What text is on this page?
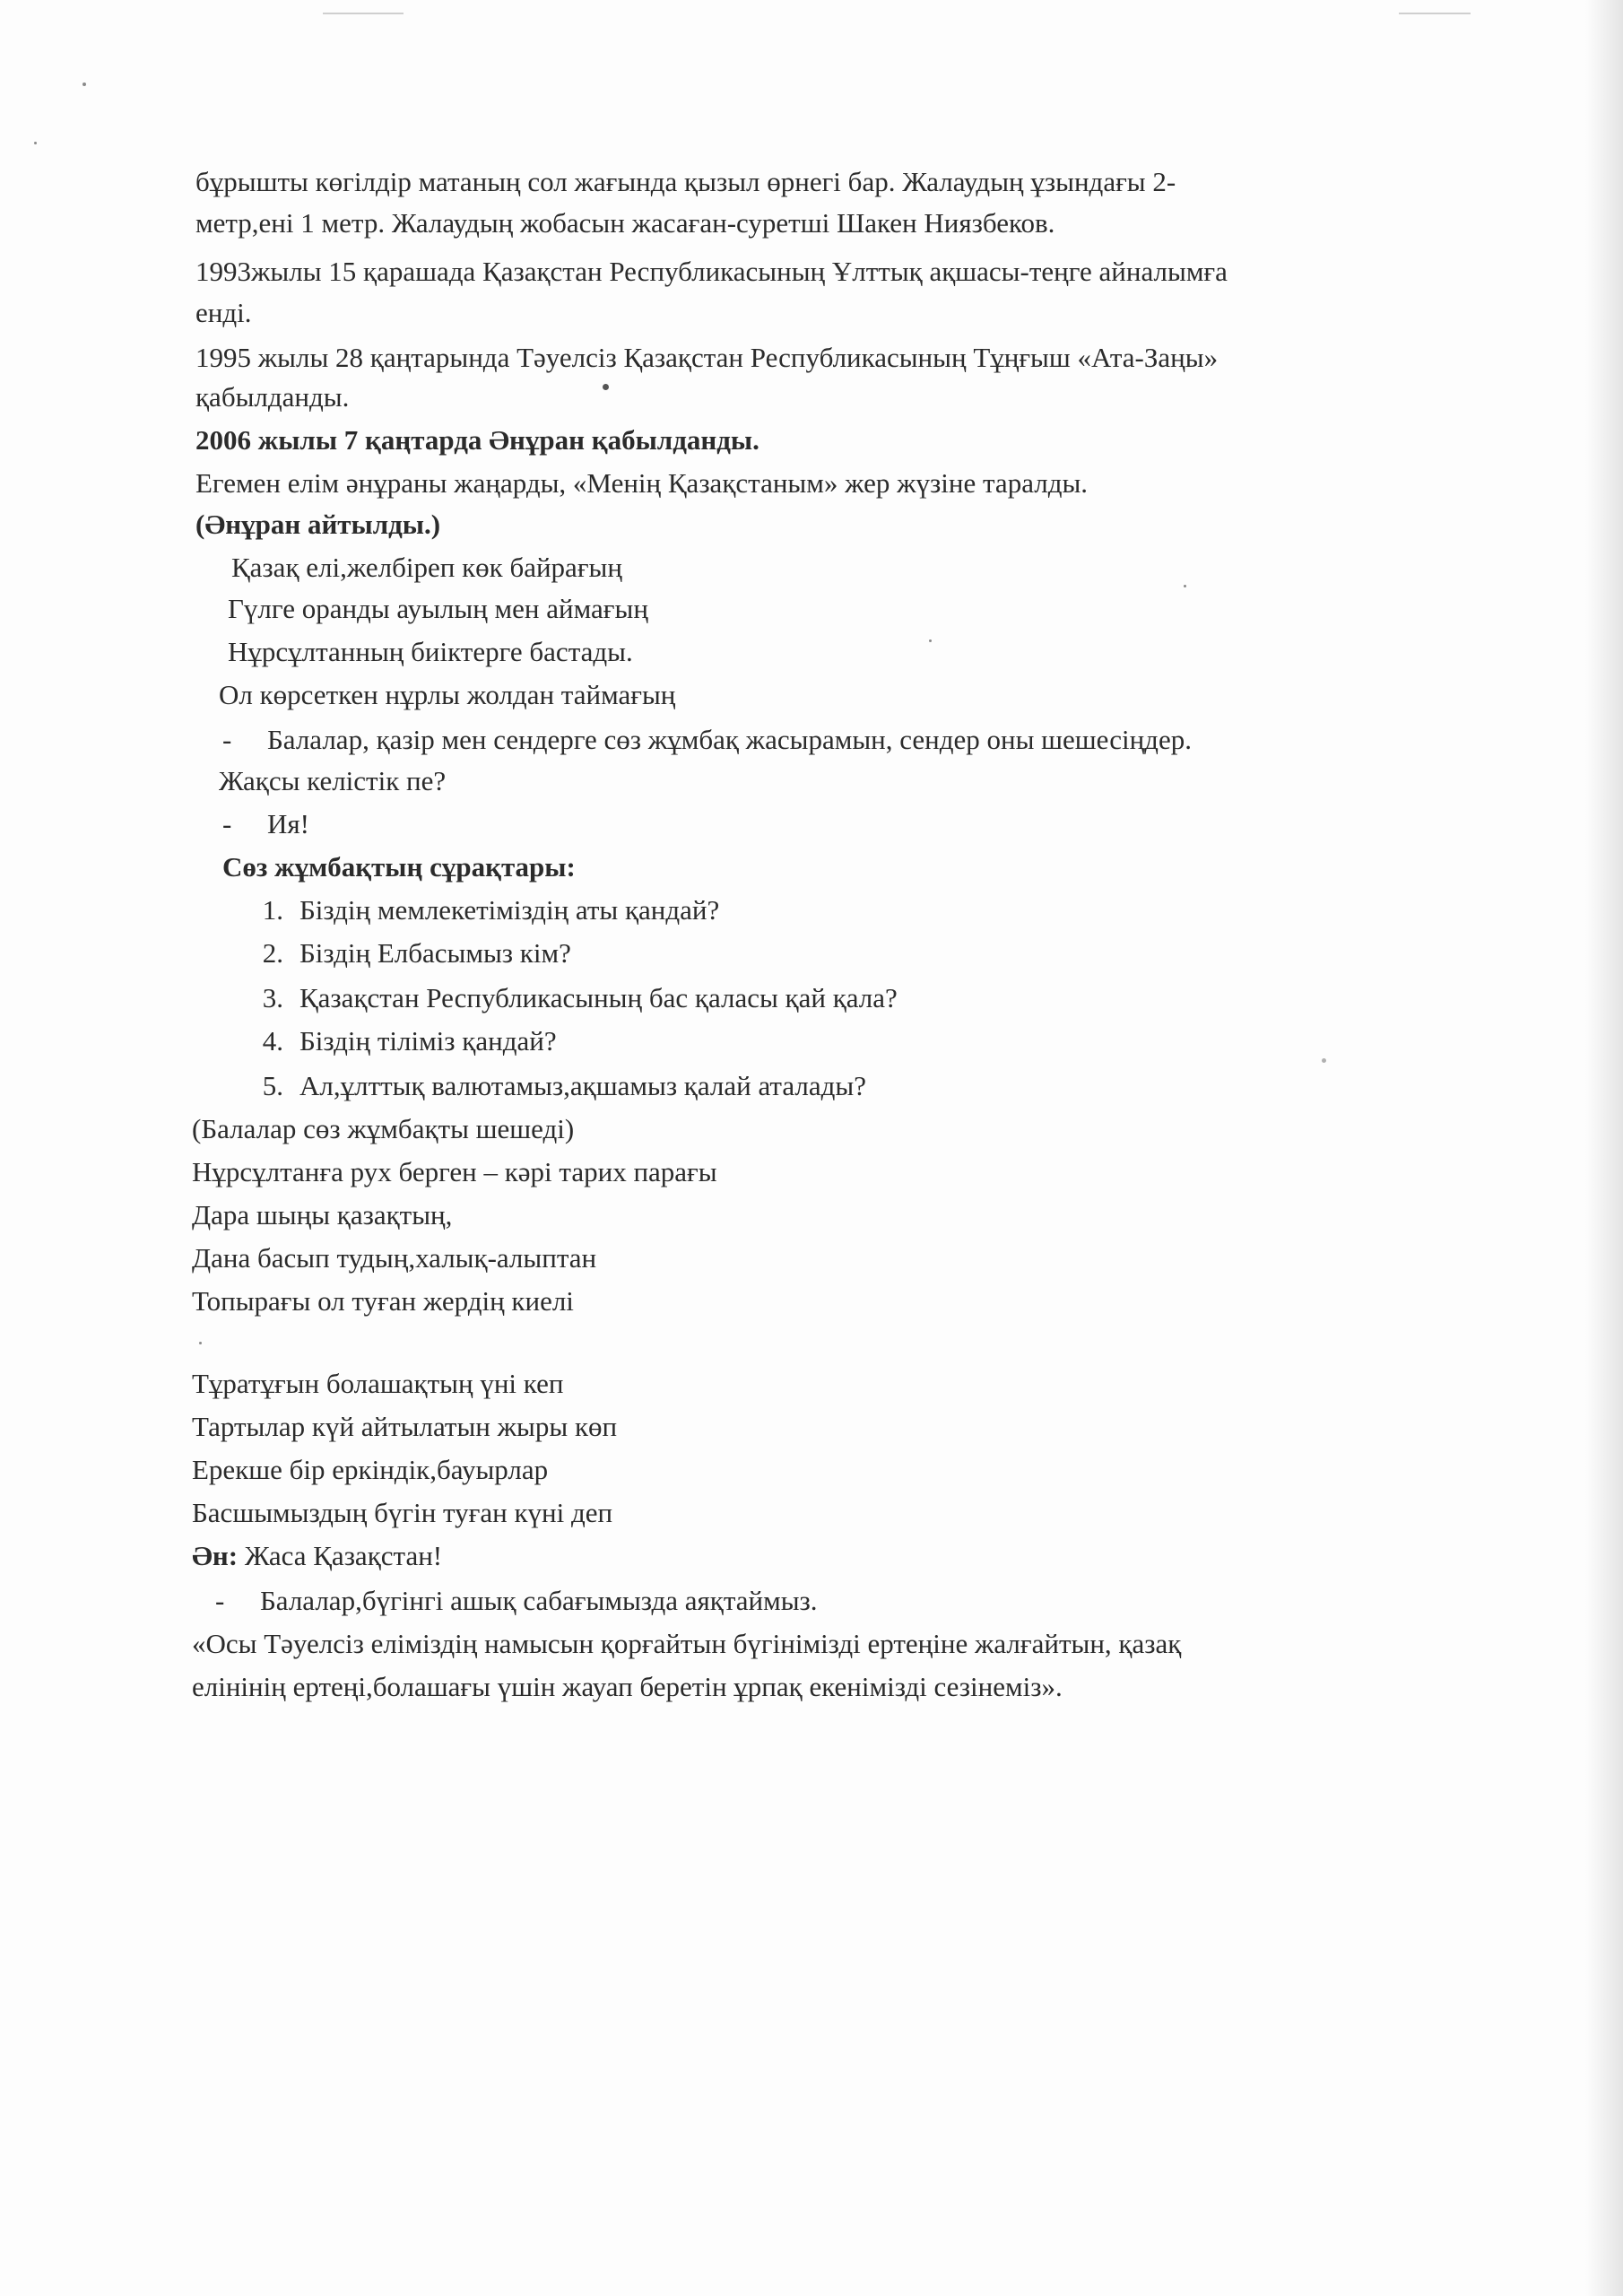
бұрышты көгілдір матаның сол жағында қызыл өрнегі бар. Жалаудың ұзындағы 2-
метр,ені 1 метр. Жалаудың жобасын жасаған-суретші Шакен Ниязбеков.
1993жылы 15 қарашада Қазақстан Республикасының Ұлттық ақшасы-теңге айналымға
енді.
1995 жылы 28 қаңтарында Тәуелсіз Қазақстан Республикасының Тұңғыш «Ата-Заңы»
қабылданды.
2006 жылы 7 қаңтарда Әнұран қабылданды.
Егемен елім әнұраны жаңарды, «Менің Қазақстаным» жер жүзіне таралды.
(Әнұран айтылды.)
Қазақ елі,желбіреп көк байрағың
Гүлге оранды ауылың мен аймағың
Нұрсұлтанның биіктерге бастады.
Ол көрсеткен нұрлы жолдан таймағың
- Балалар, қазір мен сендерге сөз жұмбақ жасырамын, сендер оны шешесіңдер.
Жақсы келістік пе?
- Ия!
Сөз жұмбақтың сұрақтары:
1. Біздің мемлекетіміздің аты қандай?
2. Біздің Елбасымыз кім?
3. Қазақстан Республикасының бас қаласы қай қала?
4. Біздің тіліміз қандай?
5. Ал,ұлттық валютамыз,ақшамыз қалай аталады?
(Балалар сөз жұмбақты шешеді)
Нұрсұлтанға рух берген – кәрі тарих парағы
Дара шыңы қазақтың,
Дана басып тудың,халық-алыптан
Топырағы ол туған жердің киелі
Тұратұғын болашақтың үні кеп
Тартылар күй айтылатын жыры көп
Ерекше бір еркіндік,бауырлар
Басшымыздың бүгін туған күні деп
Ән: Жаса Қазақстан!
- Балалар,бүгінгі ашық сабағымызда аяқтаймыз.
«Осы Тәуелсіз еліміздің намысын қорғайтын бүгінімізді ертеңіне жалғайтын, қазақ
елінінің ертеңі,болашағы үшін жауап беретін ұрпақ екенімізді сезінеміз».
